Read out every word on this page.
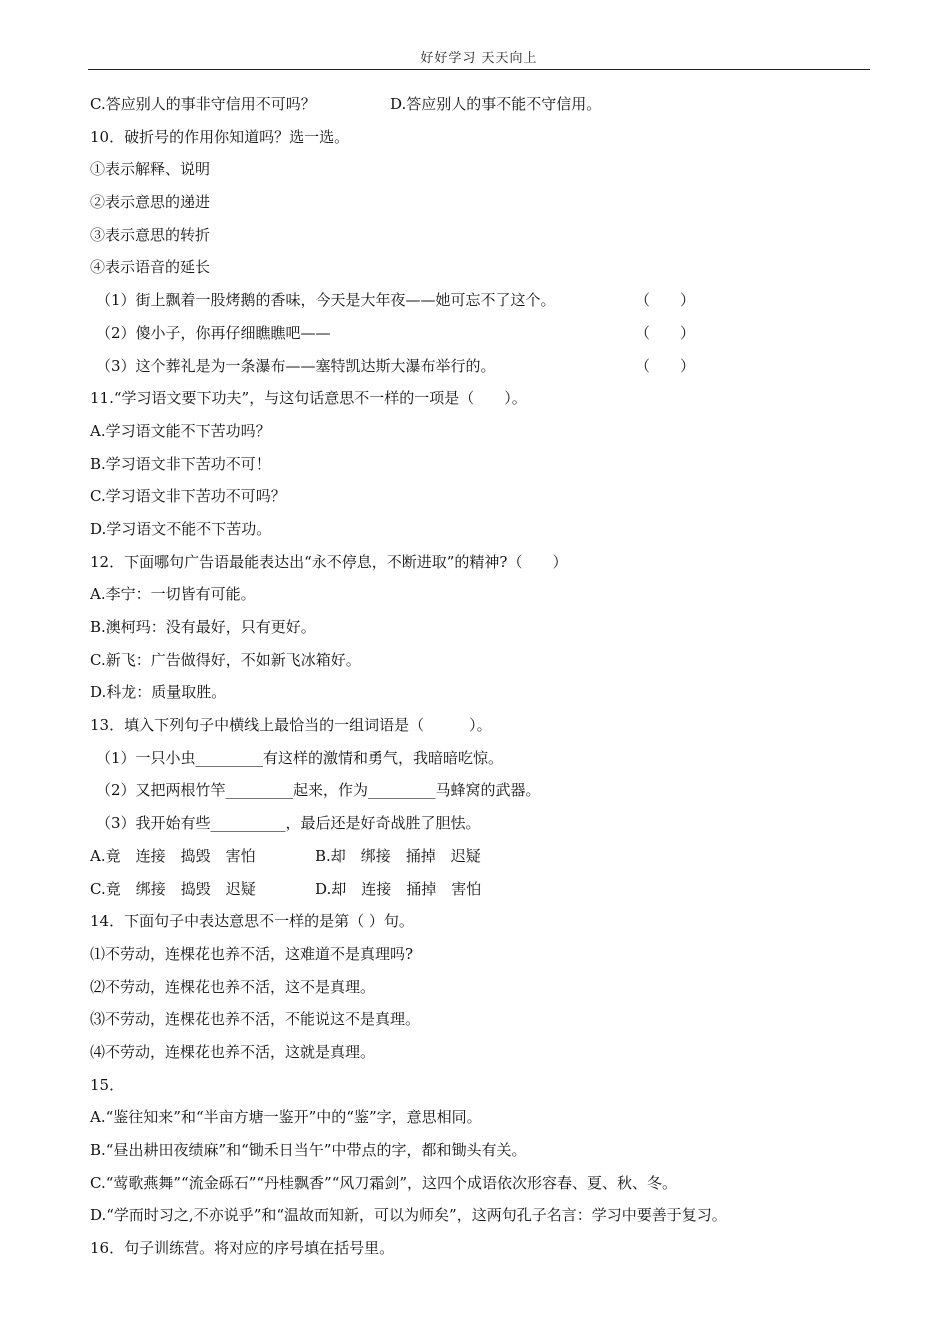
好好学习 天天向上
C.答应别人的事非守信用不可吗？	D.答应别人的事不能不守信用。
10．破折号的作用你知道吗？选一选。
①表示解释、说明
②表示意思的递进
③表示意思的转折
④表示语音的延长
（1）街上飘着一股烤鹅的香味，今天是大年夜——她可忘不了这个。	（　　）
（2）傻小子，你再仔细瞧瞧吧——	（　　）
（3）这个葬礼是为一条瀑布——塞特凯达斯大瀑布举行的。	（　　）
11.“学习语文要下功夫”，与这句话意思不一样的一项是（　　）。
A.学习语文能不下苦功吗？
B.学习语文非下苦功不可！
C.学习语文非下苦功不可吗？
D.学习语文不能不下苦功。
12．下面哪句广告语最能表达出“永不停息，不断进取”的精神?（　　）
A.李宁：一切皆有可能。
B.澳柯玛：没有最好，只有更好。
C.新飞：广告做得好，不如新飞冰箱好。
D.科龙：质量取胜。
13．填入下列句子中横线上最恰当的一组词语是（　　　）。
（1）一只小虫_________有这样的激情和勇气，我暗暗吃惊。
（2）又把两根竹竿_________起来，作为_________马蜂窝的武器。
（3）我开始有些__________，最后还是好奇战胜了胆怯。
A.竟　连接　捣毁　害怕	B.却　绑接　捅掉　迟疑
C.竟　绑接　捣毁　迟疑	D.却　连接　捅掉　害怕
14．下面句子中表达意思不一样的是第（ ）句。
⑴不劳动，连棵花也养不活，这难道不是真理吗?
⑵不劳动，连棵花也养不活，这不是真理。
⑶不劳动，连棵花也养不活，不能说这不是真理。
⑷不劳动，连棵花也养不活，这就是真理。
15．
A.“鉴往知来”和“半亩方塘一鉴开”中的“鉴”字，意思相同。
B.“昼出耕田夜绩麻”和“锄禾日当午”中带点的字，都和锄头有关。
C.“莺歌燕舞”“流金砾石”“丹桂飘香”“风刀霜剑”，这四个成语依次形容春、夏、秋、冬。
D.“学而时习之,不亦说乎”和“温故而知新，可以为师矣”，这两句孔子名言：学习中要善于复习。
16．句子训练营。将对应的序号填在括号里。
